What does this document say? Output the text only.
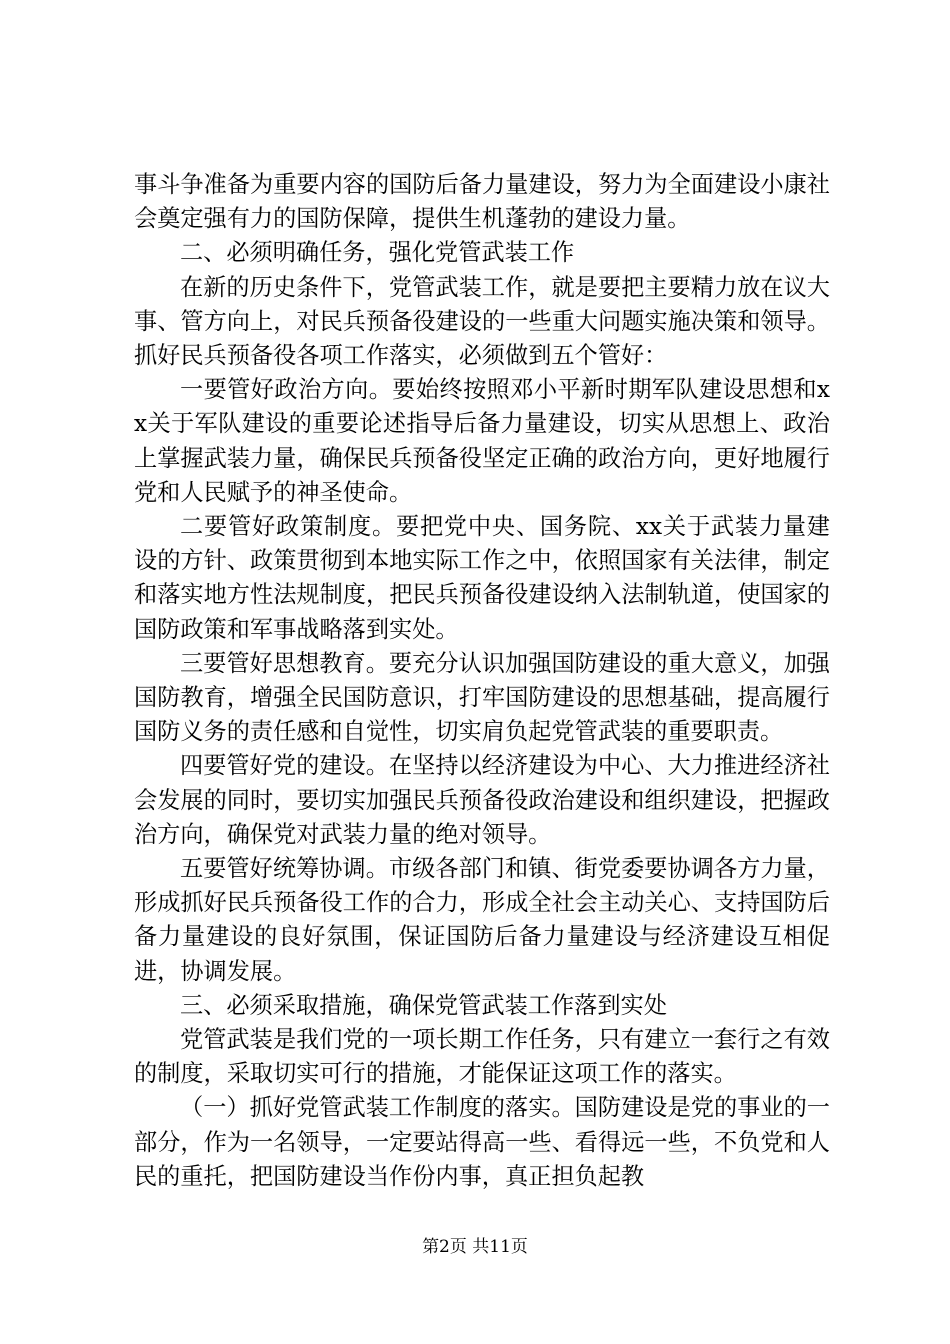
事斗争准备为重要内容的国防后备力量建设，努力为全面建设小康社会奠定强有力的国防保障，提供生机蓬勃的建设力量。

二、必须明确任务，强化党管武装工作

在新的历史条件下，党管武装工作，就是要把主要精力放在议大事、管方向上，对民兵预备役建设的一些重大问题实施决策和领导。抓好民兵预备役各项工作落实，必须做到五个管好：

一要管好政治方向。要始终按照邓小平新时期军队建设思想和xx关于军队建设的重要论述指导后备力量建设，切实从思想上、政治上掌握武装力量，确保民兵预备役坚定正确的政治方向，更好地履行党和人民赋予的神圣使命。

二要管好政策制度。要把党中央、国务院、xx关于武装力量建设的方针、政策贯彻到本地实际工作之中，依照国家有关法律，制定和落实地方性法规制度，把民兵预备役建设纳入法制轨道，使国家的国防政策和军事战略落到实处。

三要管好思想教育。要充分认识加强国防建设的重大意义，加强国防教育，增强全民国防意识，打牢国防建设的思想基础，提高履行国防义务的责任感和自觉性，切实肩负起党管武装的重要职责。

四要管好党的建设。在坚持以经济建设为中心、大力推进经济社会发展的同时，要切实加强民兵预备役政治建设和组织建设，把握政治方向，确保党对武装力量的绝对领导。

五要管好统筹协调。市级各部门和镇、街党委要协调各方力量，形成抓好民兵预备役工作的合力，形成全社会主动关心、支持国防后备力量建设的良好氛围，保证国防后备力量建设与经济建设互相促进，协调发展。

三、必须采取措施，确保党管武装工作落到实处

党管武装是我们党的一项长期工作任务，只有建立一套行之有效的制度，采取切实可行的措施，才能保证这项工作的落实。

（一）抓好党管武装工作制度的落实。国防建设是党的事业的一部分，作为一名领导，一定要站得高一些、看得远一些，不负党和人民的重托，把国防建设当作份内事，真正担负起教

第2页 共11页
